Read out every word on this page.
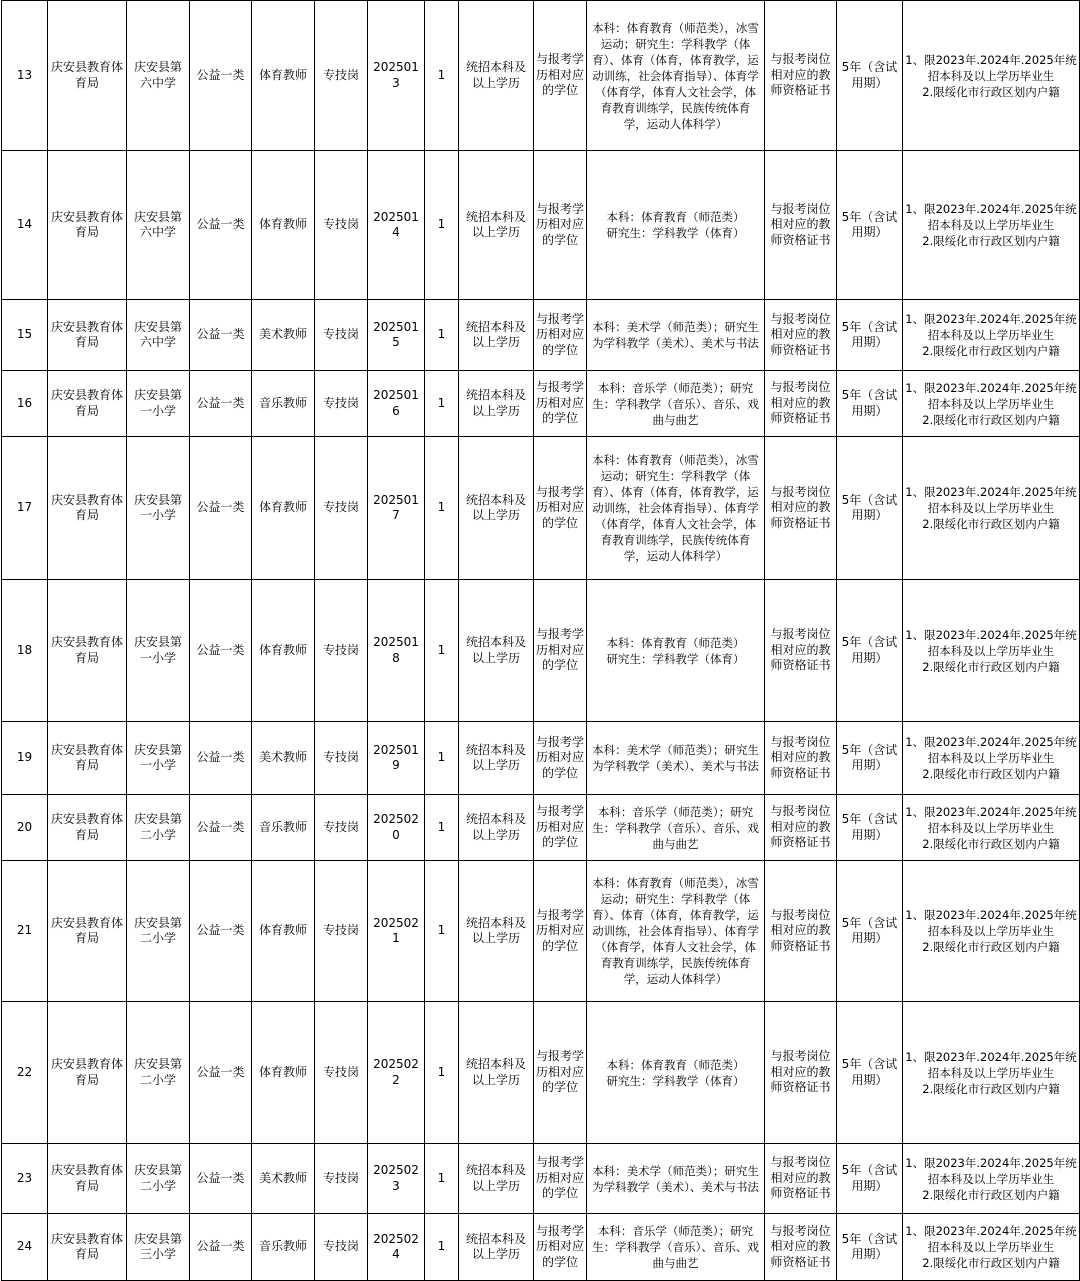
13	庆安县教育体育局	庆安县第六中学	公益一类	体育教师	专技岗	2025013	1	统招本科及以上学历	与报考学历相对应的学位	本科：体育教育（师范类），冰雪运动；研究生：学科教学（体育）、体育（体育，体育教学，运动训练，社会体育指导）、体育学（体育学，体育人文社会学，体育教育训练学，民族传统体育学，运动人体科学）	与报考岗位相对应的教师资格证书	5年（含试用期）	1、限2023年.2024年.2025年统招本科及以上学历毕业生
2.限绥化市行政区划内户籍
14	庆安县教育体育局	庆安县第六中学	公益一类	体育教师	专技岗	2025014	1	统招本科及以上学历	与报考学历相对应的学位	本科：体育教育（师范类）
研究生：学科教学（体育）	与报考岗位相对应的教师资格证书	5年（含试用期）	1、限2023年.2024年.2025年统招本科及以上学历毕业生
2.限绥化市行政区划内户籍
15	庆安县教育体育局	庆安县第六中学	公益一类	美术教师	专技岗	2025015	1	统招本科及以上学历	与报考学历相对应的学位	本科：美术学（师范类）；研究生为学科教学（美术）、美术与书法	与报考岗位相对应的教师资格证书	5年（含试用期）	1、限2023年.2024年.2025年统招本科及以上学历毕业生
2.限绥化市行政区划内户籍
16	庆安县教育体育局	庆安县第一小学	公益一类	音乐教师	专技岗	2025016	1	统招本科及以上学历	与报考学历相对应的学位	本科：音乐学（师范类）；研究生：学科教学（音乐）、音乐、戏曲与曲艺	与报考岗位相对应的教师资格证书	5年（含试用期）	1、限2023年.2024年.2025年统招本科及以上学历毕业生
2.限绥化市行政区划内户籍
17	庆安县教育体育局	庆安县第一小学	公益一类	体育教师	专技岗	2025017	1	统招本科及以上学历	与报考学历相对应的学位	本科：体育教育（师范类），冰雪运动；研究生：学科教学（体育）、体育（体育，体育教学，运动训练，社会体育指导）、体育学（体育学，体育人文社会学，体育教育训练学，民族传统体育学，运动人体科学）	与报考岗位相对应的教师资格证书	5年（含试用期）	1、限2023年.2024年.2025年统招本科及以上学历毕业生
2.限绥化市行政区划内户籍
18	庆安县教育体育局	庆安县第一小学	公益一类	体育教师	专技岗	2025018	1	统招本科及以上学历	与报考学历相对应的学位	本科：体育教育（师范类）
研究生：学科教学（体育）	与报考岗位相对应的教师资格证书	5年（含试用期）	1、限2023年.2024年.2025年统招本科及以上学历毕业生
2.限绥化市行政区划内户籍
19	庆安县教育体育局	庆安县第一小学	公益一类	美术教师	专技岗	2025019	1	统招本科及以上学历	与报考学历相对应的学位	本科：美术学（师范类）；研究生为学科教学（美术）、美术与书法	与报考岗位相对应的教师资格证书	5年（含试用期）	1、限2023年.2024年.2025年统招本科及以上学历毕业生
2.限绥化市行政区划内户籍
20	庆安县教育体育局	庆安县第二小学	公益一类	音乐教师	专技岗	2025020	1	统招本科及以上学历	与报考学历相对应的学位	本科：音乐学（师范类）；研究生：学科教学（音乐）、音乐、戏曲与曲艺	与报考岗位相对应的教师资格证书	5年（含试用期）	1、限2023年.2024年.2025年统招本科及以上学历毕业生
2.限绥化市行政区划内户籍
21	庆安县教育体育局	庆安县第二小学	公益一类	体育教师	专技岗	2025021	1	统招本科及以上学历	与报考学历相对应的学位	本科：体育教育（师范类），冰雪运动；研究生：学科教学（体育）、体育（体育，体育教学，运动训练，社会体育指导）、体育学（体育学，体育人文社会学，体育教育训练学，民族传统体育学，运动人体科学）	与报考岗位相对应的教师资格证书	5年（含试用期）	1、限2023年.2024年.2025年统招本科及以上学历毕业生
2.限绥化市行政区划内户籍
22	庆安县教育体育局	庆安县第二小学	公益一类	体育教师	专技岗	2025022	1	统招本科及以上学历	与报考学历相对应的学位	本科：体育教育（师范类）
研究生：学科教学（体育）	与报考岗位相对应的教师资格证书	5年（含试用期）	1、限2023年.2024年.2025年统招本科及以上学历毕业生
2.限绥化市行政区划内户籍
23	庆安县教育体育局	庆安县第二小学	公益一类	美术教师	专技岗	2025023	1	统招本科及以上学历	与报考学历相对应的学位	本科：美术学（师范类）；研究生为学科教学（美术）、美术与书法	与报考岗位相对应的教师资格证书	5年（含试用期）	1、限2023年.2024年.2025年统招本科及以上学历毕业生
2.限绥化市行政区划内户籍
24	庆安县教育体育局	庆安县第三小学	公益一类	音乐教师	专技岗	2025024	1	统招本科及以上学历	与报考学历相对应的学位	本科：音乐学（师范类）；研究生：学科教学（音乐）、音乐、戏曲与曲艺	与报考岗位相对应的教师资格证书	5年（含试用期）	1、限2023年.2024年.2025年统招本科及以上学历毕业生
2.限绥化市行政区划内户籍
